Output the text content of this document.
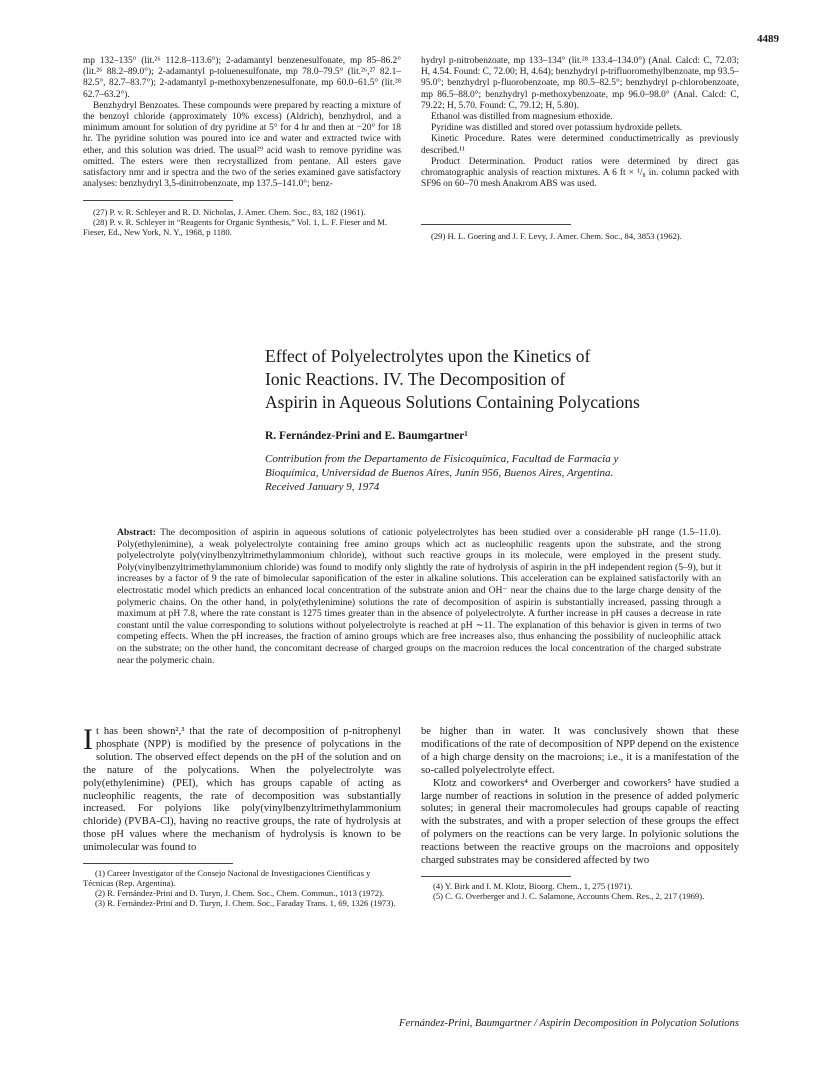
4489

mp 132–135° (lit.²⁶ 112.8–113.6°); 2-adamantyl benzenesulfonate, mp 85–86.2° (lit.²⁶ 88.2–89.0°); 2-adamantyl p-toluenesulfonate, mp 78.0–79.5° (lit.²⁶,²⁷ 82.1–82.5°, 82.7–83.7°); 2-adamantyl p-methoxybenzenesulfonate, mp 60.0–61.5° (lit.²⁸ 62.7–63.2°).

Benzhydryl Benzoates. These compounds were prepared by reacting a mixture of the benzoyl chloride (approximately 10% excess) (Aldrich), benzhydrol, and a minimum amount for solution of dry pyridine at 5° for 4 hr and then at −20° for 18 hr. The pyridine solution was poured into ice and water and extracted twice with ether, and this solution was dried. The usual²⁹ acid wash to remove pyridine was omitted. The esters were then recrystallized from pentane. All esters gave satisfactory nmr and ir spectra and the two of the series examined gave satisfactory analyses: benzhydryl 3,5-dinitrobenzoate, mp 137.5–141.0°; benz-

(27) P. v. R. Schleyer and R. D. Nicholas, J. Amer. Chem. Soc., 83, 182 (1961).

(28) P. v. R. Schleyer in “Reagents for Organic Synthesis,” Vol. 1, L. F. Fieser and M. Fieser, Ed., New York, N. Y., 1968, p 1180.

hydryl p-nitrobenzoate, mp 133–134° (lit.²⁸ 133.4–134.0°) (Anal. Calcd: C, 72.03; H, 4.54. Found: C, 72.00; H, 4.64); benzhydryl p-trifluoromethylbenzoate, mp 93.5–95.0°; benzhydryl p-fluorobenzoate, mp 80.5–82.5°; benzhydryl p-chlorobenzoate, mp 86.5–88.0°; benzhydryl p-methoxybenzoate, mp 96.0–98.0° (Anal. Calcd: C, 79.22; H, 5.70. Found: C, 79.12; H, 5.80).

Ethanol was distilled from magnesium ethoxide.

Pyridine was distilled and stored over potassium hydroxide pellets.

Kinetic Procedure. Rates were determined conductimetrically as previously described.¹¹

Product Determination. Product ratios were determined by direct gas chromatographic analysis of reaction mixtures. A 6 ft × ¹/₈ in. column packed with SF96 on 60–70 mesh Anakrom ABS was used.

(29) H. L. Goering and J. F. Levy, J. Amer. Chem. Soc., 84, 3853 (1962).

Effect of Polyelectrolytes upon the Kinetics of
Ionic Reactions. IV. The Decomposition of
Aspirin in Aqueous Solutions Containing Polycations
R. Fernández-Prini and E. Baumgartner¹
Contribution from the Departamento de Fisicoquímica, Facultad de Farmacia y
Bioquímica, Universidad de Buenos Aires, Junín 956, Buenos Aires, Argentina.
Received January 9, 1974
Abstract: The decomposition of aspirin in aqueous solutions of cationic polyelectrolytes has been studied over a considerable pH range (1.5–11.0). Poly(ethylenimine), a weak polyelectrolyte containing free amino groups which act as nucleophilic reagents upon the substrate, and the strong polyelectrolyte poly(vinylbenzyltrimethylammonium chloride), without such reactive groups in its molecule, were employed in the present study. Poly(vinylbenzyltrimethylammonium chloride) was found to modify only slightly the rate of hydrolysis of aspirin in the pH independent region (5–9), but it increases by a factor of 9 the rate of bimolecular saponification of the ester in alkaline solutions. This acceleration can be explained satisfactorily with an electrostatic model which predicts an enhanced local concentration of the substrate anion and OH⁻ near the chains due to the large charge density of the polymeric chains. On the other hand, in poly(ethylenimine) solutions the rate of decomposition of aspirin is substantially increased, passing through a maximum at pH 7.8, where the rate constant is 1275 times greater than in the absence of polyelectrolyte. A further increase in pH causes a decrease in rate constant until the value corresponding to solutions without polyelectrolyte is reached at pH ∼11. The explanation of this behavior is given in terms of two competing effects. When the pH increases, the fraction of amino groups which are free increases also, thus enhancing the possibility of nucleophilic attack on the substrate; on the other hand, the concomitant decrease of charged groups on the macroion reduces the local concentration of the charged substrate near the polymeric chain.

It has been shown²,³ that the rate of decomposition of p-nitrophenyl phosphate (NPP) is modified by the presence of polycations in the solution. The observed effect depends on the pH of the solution and on the nature of the polycations. When the polyelectrolyte was poly(ethylenimine) (PEI), which has groups capable of acting as nucleophilic reagents, the rate of decomposition was substantially increased. For polyions like poly(vinylbenzyltrimethylammonium chloride) (PVBA-Cl), having no reactive groups, the rate of hydrolysis at those pH values where the mechanism of hydrolysis is known to be unimolecular was found to

(1) Career Investigator of the Consejo Nacional de Investigaciones Científicas y Técnicas (Rep. Argentina).

(2) R. Fernández-Prini and D. Turyn, J. Chem. Soc., Chem. Commun., 1013 (1972).

(3) R. Fernández-Prini and D. Turyn, J. Chem. Soc., Faraday Trans. 1, 69, 1326 (1973).

be higher than in water. It was conclusively shown that these modifications of the rate of decomposition of NPP depend on the existence of a high charge density on the macroions; i.e., it is a manifestation of the so-called polyelectrolyte effect.

Klotz and coworkers⁴ and Overberger and coworkers⁵ have studied a large number of reactions in solution in the presence of added polymeric solutes; in general their macromolecules had groups capable of reacting with the substrates, and with a proper selection of these groups the effect of polymers on the reactions can be very large. In polyionic solutions the reactions between the reactive groups on the macroions and oppositely charged substrates may be considered affected by two

(4) Y. Birk and I. M. Klotz, Bioorg. Chem., 1, 275 (1971).

(5) C. G. Overberger and J. C. Salamone, Accounts Chem. Res., 2, 217 (1969).

Fernández-Prini, Baumgartner / Aspirin Decomposition in Polycation Solutions
